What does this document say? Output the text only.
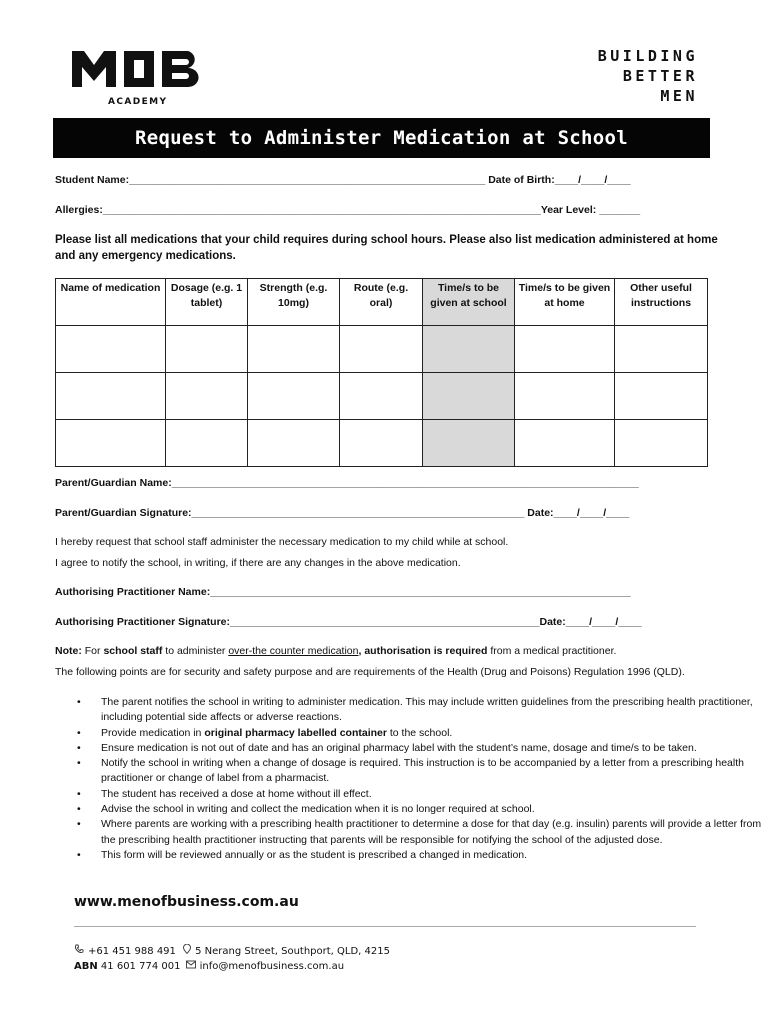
ACADEMY
BUILDING
BETTER
MEN
Request to Administer Medication at School
Student Name:_____________________________________________________________ Date of Birth:____/____/____
Allergies:___________________________________________________________________________Year Level: _______
Please list all medications that your child requires during school hours. Please also list medication administered at home and any emergency medications.
Name of medication	Dosage (e.g. 1 tablet)	Strength (e.g. 10mg)	Route (e.g. oral)	Time/s to be given at school	Time/s to be given at home	Other useful instructions

Parent/Guardian Name:________________________________________________________________________________
Parent/Guardian Signature:_________________________________________________________ Date:____/____/____
I hereby request that school staff administer the necessary medication to my child while at school.
I agree to notify the school, in writing, if there are any changes in the above medication.
Authorising Practitioner Name:________________________________________________________________________
Authorising Practitioner Signature:_____________________________________________________Date:____/____/____
Note: For school staff to administer over-the counter medication, authorisation is required from a medical practitioner.
The following points are for security and safety purpose and are requirements of the Health (Drug and Poisons) Regulation 1996 (QLD).
• The parent notifies the school in writing to administer medication. This may include written guidelines from the prescribing health practitioner, including potential side affects or adverse reactions.
• Provide medication in original pharmacy labelled container to the school.
• Ensure medication is not out of date and has an original pharmacy label with the student’s name, dosage and time/s to be taken.
• Notify the school in writing when a change of dosage is required. This instruction is to be accompanied by a letter from a prescribing health practitioner or change of label from a pharmacist.
• The student has received a dose at home without ill effect.
• Advise the school in writing and collect the medication when it is no longer required at school.
• Where parents are working with a prescribing health practitioner to determine a dose for that day (e.g. insulin) parents will provide a letter from the prescribing health practitioner instructing that parents will be responsible for notifying the school of the adjusted dose.
• This form will be reviewed annually or as the student is prescribed a changed in medication.
www.menofbusiness.com.au
+61 451 988 491 5 Nerang Street, Southport, QLD, 4215
ABN 41 601 774 001 info@menofbusiness.com.au
